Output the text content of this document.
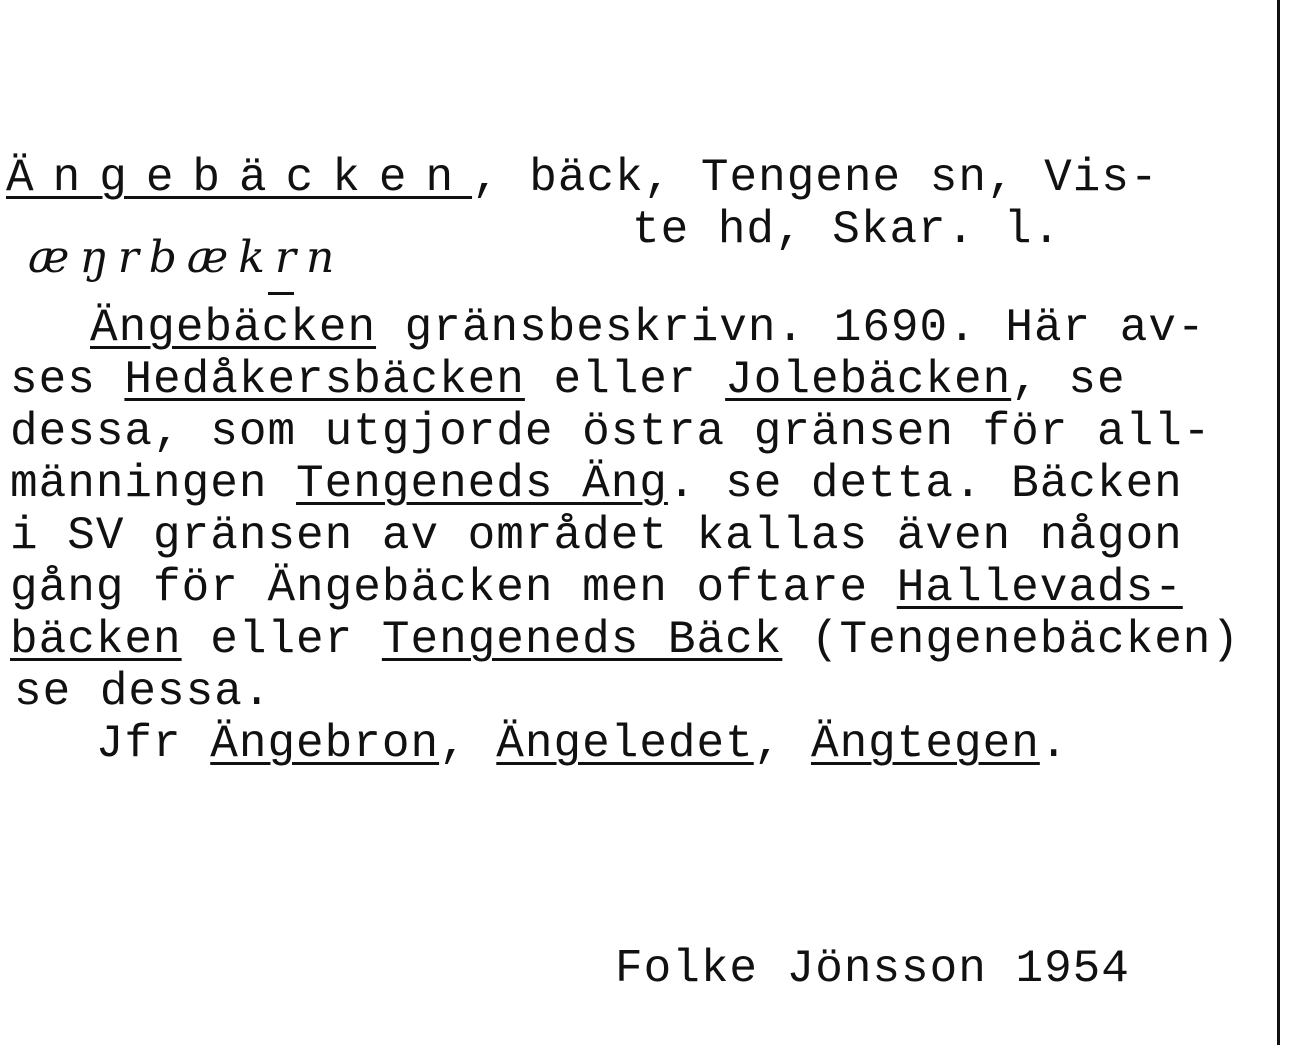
Ängebäcken, bäck, Tengene sn, Vis-
te hd, Skar. l.
æŋrbækrn
Ängebäcken gränsbeskrivn. 1690. Här av-
ses Hedåkersbäcken eller Jolebäcken, se
dessa, som utgjorde östra gränsen för all-
männingen Tengeneds Äng. se detta. Bäcken
i SV gränsen av området kallas även någon
gång för Ängebäcken men oftare Hallevads-
bäcken eller Tengeneds Bäck (Tengenebäcken)
se dessa.
Jfr Ängebron, Ängeledet, Ängtegen.
Folke Jönsson 1954
